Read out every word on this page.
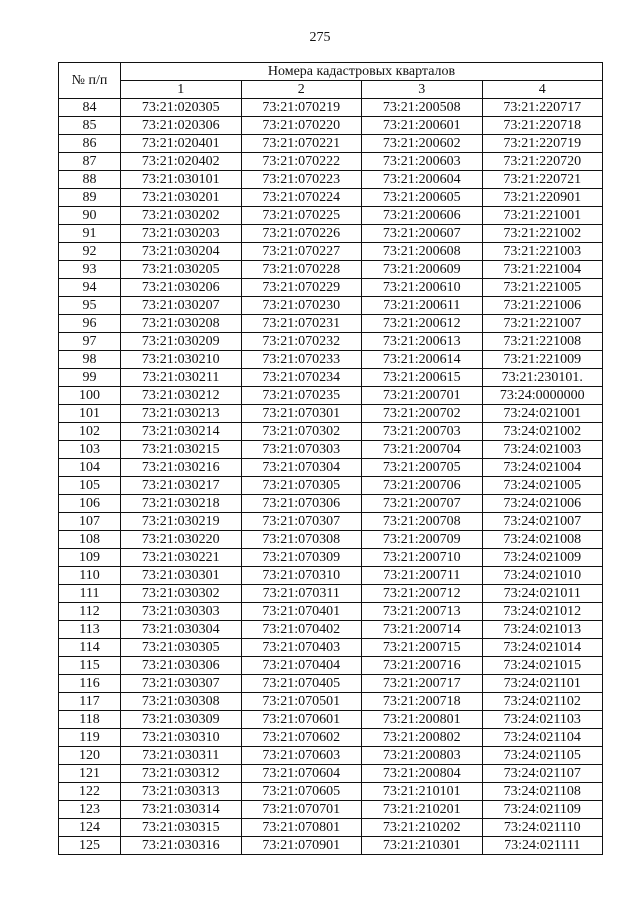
275
№ п/п	Номера кадастровых кварталов			
	1	2	3	4
84	73:21:020305	73:21:070219	73:21:200508	73:21:220717
85	73:21:020306	73:21:070220	73:21:200601	73:21:220718
86	73:21:020401	73:21:070221	73:21:200602	73:21:220719
87	73:21:020402	73:21:070222	73:21:200603	73:21:220720
88	73:21:030101	73:21:070223	73:21:200604	73:21:220721
89	73:21:030201	73:21:070224	73:21:200605	73:21:220901
90	73:21:030202	73:21:070225	73:21:200606	73:21:221001
91	73:21:030203	73:21:070226	73:21:200607	73:21:221002
92	73:21:030204	73:21:070227	73:21:200608	73:21:221003
93	73:21:030205	73:21:070228	73:21:200609	73:21:221004
94	73:21:030206	73:21:070229	73:21:200610	73:21:221005
95	73:21:030207	73:21:070230	73:21:200611	73:21:221006
96	73:21:030208	73:21:070231	73:21:200612	73:21:221007
97	73:21:030209	73:21:070232	73:21:200613	73:21:221008
98	73:21:030210	73:21:070233	73:21:200614	73:21:221009
99	73:21:030211	73:21:070234	73:21:200615	73:21:230101.
100	73:21:030212	73:21:070235	73:21:200701	73:24:0000000
101	73:21:030213	73:21:070301	73:21:200702	73:24:021001
102	73:21:030214	73:21:070302	73:21:200703	73:24:021002
103	73:21:030215	73:21:070303	73:21:200704	73:24:021003
104	73:21:030216	73:21:070304	73:21:200705	73:24:021004
105	73:21:030217	73:21:070305	73:21:200706	73:24:021005
106	73:21:030218	73:21:070306	73:21:200707	73:24:021006
107	73:21:030219	73:21:070307	73:21:200708	73:24:021007
108	73:21:030220	73:21:070308	73:21:200709	73:24:021008
109	73:21:030221	73:21:070309	73:21:200710	73:24:021009
110	73:21:030301	73:21:070310	73:21:200711	73:24:021010
111	73:21:030302	73:21:070311	73:21:200712	73:24:021011
112	73:21:030303	73:21:070401	73:21:200713	73:24:021012
113	73:21:030304	73:21:070402	73:21:200714	73:24:021013
114	73:21:030305	73:21:070403	73:21:200715	73:24:021014
115	73:21:030306	73:21:070404	73:21:200716	73:24:021015
116	73:21:030307	73:21:070405	73:21:200717	73:24:021101
117	73:21:030308	73:21:070501	73:21:200718	73:24:021102
118	73:21:030309	73:21:070601	73:21:200801	73:24:021103
119	73:21:030310	73:21:070602	73:21:200802	73:24:021104
120	73:21:030311	73:21:070603	73:21:200803	73:24:021105
121	73:21:030312	73:21:070604	73:21:200804	73:24:021107
122	73:21:030313	73:21:070605	73:21:210101	73:24:021108
123	73:21:030314	73:21:070701	73:21:210201	73:24:021109
124	73:21:030315	73:21:070801	73:21:210202	73:24:021110
125	73:21:030316	73:21:070901	73:21:210301	73:24:021111
